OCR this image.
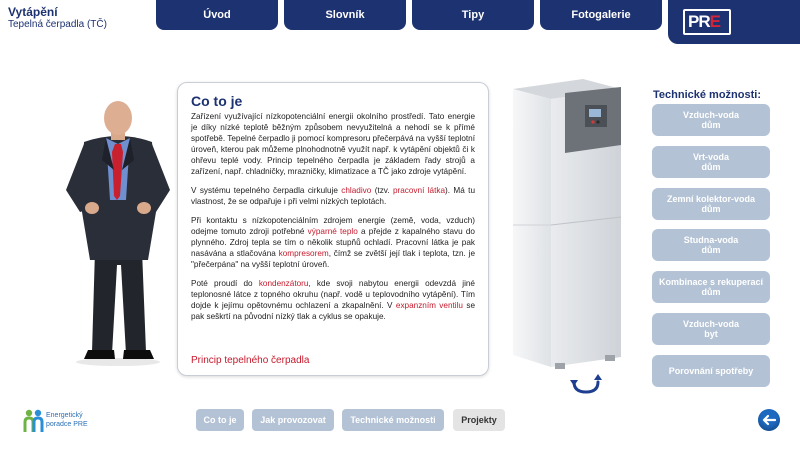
Úvod	Slovník	Tipy	Fotogalerie	PRE
Vytápění
Tepelná čerpadla (TČ)
Co to je

Zařízení využívající nízkopotenciální energii okolního prostředí. Tato energie je díky nízké teplotě běžným způsobem nevyužitelná a nehodí se k přímé spotřebě. Tepelné čerpadlo ji pomocí kompresoru přečerpává na vyšší teplotní úroveň, kterou pak můžeme plnohodnotně využít např. k vytápění objektů či k ohřevu teplé vody. Princip tepelného čerpadla je základem řady strojů a zařízení, např. chladničky, mrazničky, klimatizace a TČ jako zdroje vytápění.

V systému tepelného čerpadla cirkuluje chladivo (tzv. pracovní látka). Má tu vlastnost, že se odpařuje i při velmi nízkých teplotách.

Při kontaktu s nízkopotenciálním zdrojem energie (země, voda, vzduch) odejme tomuto zdroji potřebné výparné teplo a přejde z kapalného stavu do plynného. Zdroj tepla se tím o několik stupňů ochladí. Pracovní látka je pak nasávána a stlačována kompresorem, čímž se zvětší její tlak i teplota, tzn. je "přečerpána" na vyšší teplotní úroveň.

Poté proudí do kondenzátoru, kde svoji nabytou energii odevzdá jiné teplonosné látce z topného okruhu (např. vodě u teplovodního vytápění). Tím dojde k jejímu opětovnému ochlazení a zkapalnění. V expanzním ventilu se pak seškrtí na původní nízký tlak a cyklus se opakuje.

Princip tepelného čerpadla
Technické možnosti:
Vzduch-voda
dům
Vrt-voda
dům
Zemní kolektor-voda
dům
Studna-voda
dům
Kombinace s rekuperací
dům
Vzduch-voda
byt
Porovnání spotřeby
Co to je	Jak provozovat	Technické možnosti	Projekty
Energetický
poradce PRE
